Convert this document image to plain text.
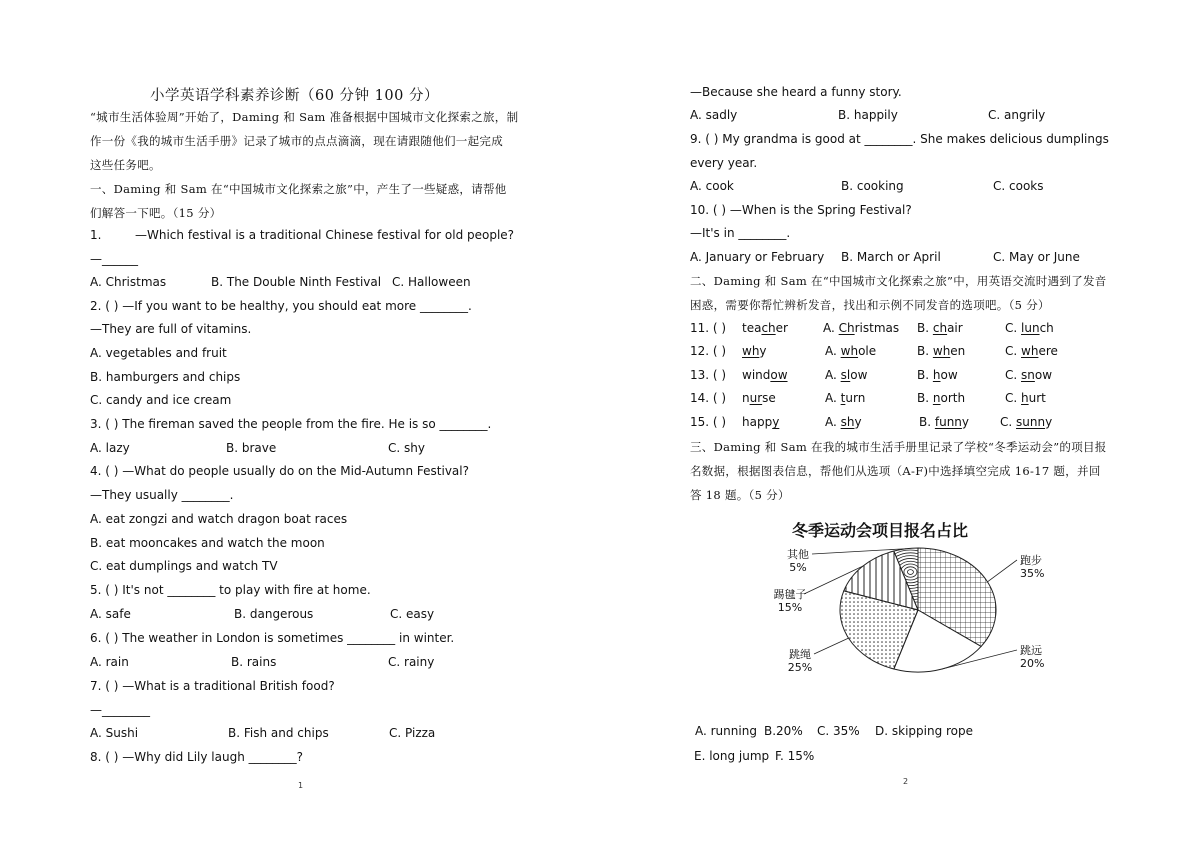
小学英语学科素养诊断（60 分钟 100 分）
“城市生活体验周”开始了，Daming 和 Sam 准备根据中国城市文化探索之旅，制
作一份《我的城市生活手册》记录了城市的点点滴滴，现在请跟随他们一起完成
这些任务吧。
一、Daming 和 Sam 在“中国城市文化探索之旅”中，产生了一些疑惑，请帮他
们解答一下吧。（15 分）
1.	—Which festival is a traditional Chinese festival for old people?
—______
A. Christmas	B. The Double Ninth Festival C. Halloween
2. ( ) —If you want to be healthy, you should eat more ________.
—They are full of vitamins.
A. vegetables and fruit
B. hamburgers and chips
C. candy and ice cream
3. ( ) The fireman saved the people from the fire. He is so ________.
A. lazy	B. brave	C. shy
4. ( ) —What do people usually do on the Mid-Autumn Festival?
—They usually ________.
A. eat zongzi and watch dragon boat races
B. eat mooncakes and watch the moon
C. eat dumplings and watch TV
5. ( ) It's not ________ to play with fire at home.
A. safe	B. dangerous	C. easy
6. ( ) The weather in London is sometimes ________ in winter.
A. rain	B. rains	C. rainy
7. ( ) —What is a traditional British food?
—________
A. Sushi	B. Fish and chips	C. Pizza
8. ( ) —Why did Lily laugh ________?
1
—Because she heard a funny story.
A. sadly	B. happily	C. angrily
9. ( ) My grandma is good at ________. She makes delicious dumplings
every year.
A. cook	B. cooking	C. cooks
10. ( ) —When is the Spring Festival?
—It's in ________.
A. January or February B. March or April	C. May or June
二、Daming 和 Sam 在“中国城市文化探索之旅”中，用英语交流时遇到了发音
困惑，需要你帮忙辨析发音，找出和示例不同发音的选项吧。（5 分）
11. ( ) teacher	A. Christmas B. chair	C. lunch
12. ( ) why	A. whole	B. when	C. where
13. ( ) window	A. slow	B. how	C. snow
14. ( ) nurse	A. turn	B. north	C. hurt
15. ( ) happy	A. shy	B. funny	C. sunny
三、Daming 和 Sam 在我的城市生活手册里记录了学校“冬季运动会”的项目报
名数据，根据图表信息，帮他们从选项（A-F)中选择填空完成 16-17 题，并回
答 18 题。（5 分）
冬季运动会项目报名占比
跑步
35%
跳远
20%
跳绳
25%
踢毽子
15%
其他
5%
A. running B.20% C. 35% D. skipping rope
E. long jump F. 15%
2
